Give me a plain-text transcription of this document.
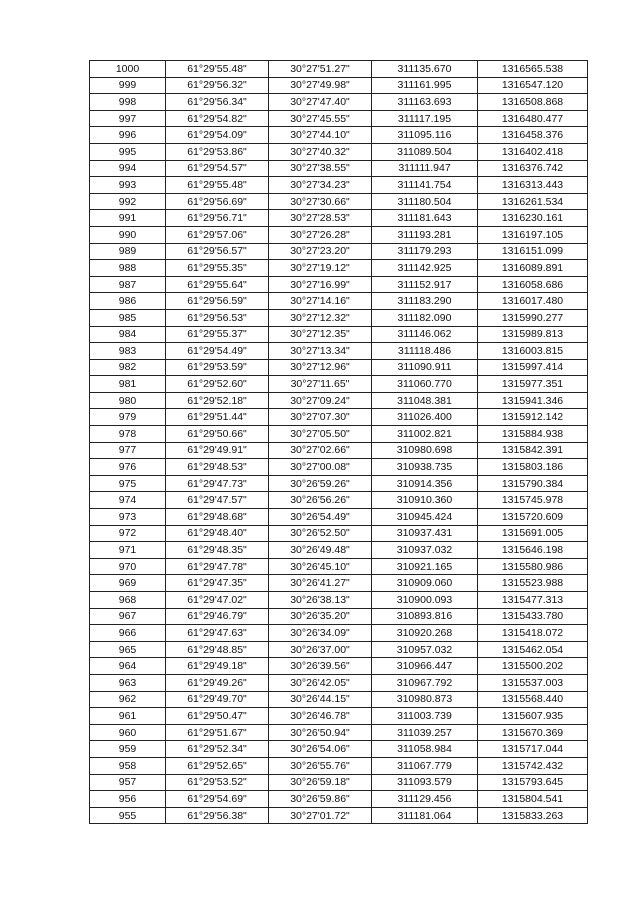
1000	61°29'55.48"	30°27'51.27"	311135.670	1316565.538
999	61°29'56.32"	30°27'49.98"	311161.995	1316547.120
998	61°29'56.34"	30°27'47.40"	311163.693	1316508.868
997	61°29'54.82"	30°27'45.55"	311117.195	1316480.477
996	61°29'54.09"	30°27'44.10"	311095.116	1316458.376
995	61°29'53.86"	30°27'40.32"	311089.504	1316402.418
994	61°29'54.57"	30°27'38.55"	311111.947	1316376.742
993	61°29'55.48"	30°27'34.23"	311141.754	1316313.443
992	61°29'56.69"	30°27'30.66"	311180.504	1316261.534
991	61°29'56.71"	30°27'28.53"	311181.643	1316230.161
990	61°29'57.06"	30°27'26.28"	311193.281	1316197.105
989	61°29'56.57"	30°27'23.20"	311179.293	1316151.099
988	61°29'55.35"	30°27'19.12"	311142.925	1316089.891
987	61°29'55.64"	30°27'16.99"	311152.917	1316058.686
986	61°29'56.59"	30°27'14.16"	311183.290	1316017.480
985	61°29'56.53"	30°27'12.32"	311182.090	1315990.277
984	61°29'55.37"	30°27'12.35"	311146.062	1315989.813
983	61°29'54.49"	30°27'13.34"	311118.486	1316003.815
982	61°29'53.59"	30°27'12.96"	311090.911	1315997.414
981	61°29'52.60"	30°27'11.65"	311060.770	1315977.351
980	61°29'52.18"	30°27'09.24"	311048.381	1315941.346
979	61°29'51.44"	30°27'07.30"	311026.400	1315912.142
978	61°29'50.66"	30°27'05.50"	311002.821	1315884.938
977	61°29'49.91"	30°27'02.66"	310980.698	1315842.391
976	61°29'48.53"	30°27'00.08"	310938.735	1315803.186
975	61°29'47.73"	30°26'59.26"	310914.356	1315790.384
974	61°29'47.57"	30°26'56.26"	310910.360	1315745.978
973	61°29'48.68"	30°26'54.49"	310945.424	1315720.609
972	61°29'48.40"	30°26'52.50"	310937.431	1315691.005
971	61°29'48.35"	30°26'49.48"	310937.032	1315646.198
970	61°29'47.78"	30°26'45.10"	310921.165	1315580.986
969	61°29'47.35"	30°26'41.27"	310909.060	1315523.988
968	61°29'47.02"	30°26'38.13"	310900.093	1315477.313
967	61°29'46.79"	30°26'35.20"	310893.816	1315433.780
966	61°29'47.63"	30°26'34.09"	310920.268	1315418.072
965	61°29'48.85"	30°26'37.00"	310957.032	1315462.054
964	61°29'49.18"	30°26'39.56"	310966.447	1315500.202
963	61°29'49.26"	30°26'42.05"	310967.792	1315537.003
962	61°29'49.70"	30°26'44.15"	310980.873	1315568.440
961	61°29'50.47"	30°26'46.78"	311003.739	1315607.935
960	61°29'51.67"	30°26'50.94"	311039.257	1315670.369
959	61°29'52.34"	30°26'54.06"	311058.984	1315717.044
958	61°29'52.65"	30°26'55.76"	311067.779	1315742.432
957	61°29'53.52"	30°26'59.18"	311093.579	1315793.645
956	61°29'54.69"	30°26'59.86"	311129.456	1315804.541
955	61°29'56.38"	30°27'01.72"	311181.064	1315833.263
